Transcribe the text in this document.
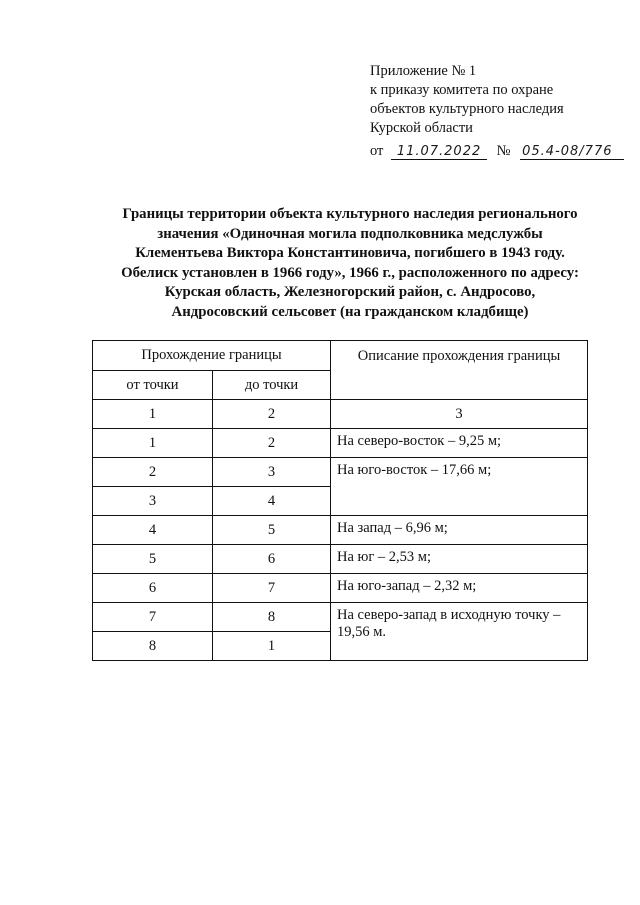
Приложение № 1
к приказу комитета по охране
объектов культурного наследия
Курской области
от 11.07.2022 № 05.4-08/776
Границы территории объекта культурного наследия регионального
значения «Одиночная могила подполковника медслужбы
Клементьева Виктора Константиновича, погибшего в 1943 году.
Обелиск установлен в 1966 году», 1966 г., расположенного по адресу:
Курская область, Железногорский район, с. Андросово,
Андросовский сельсовет (на гражданском кладбище)
Прохождение границы		Описание прохождения границы
от точки	до точки	
1	2	3
1	2	На северо-восток – 9,25 м;
2	3	На юго-восток – 17,66 м;
3	4	
4	5	На запад – 6,96 м;
5	6	На юг – 2,53 м;
6	7	На юго-запад – 2,32 м;
7	8	На северо-запад в исходную точку – 19,56 м.
8	1	
